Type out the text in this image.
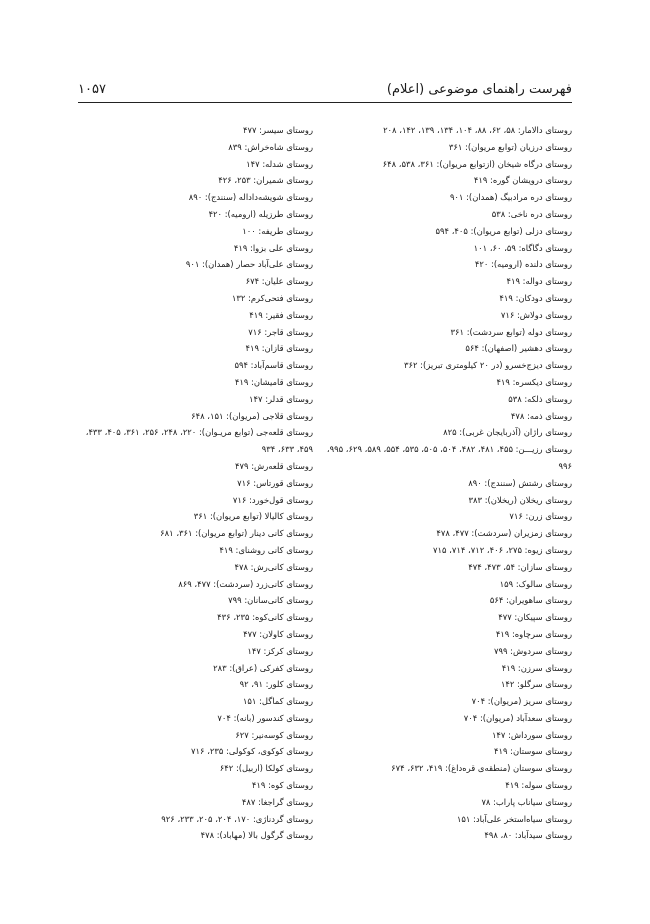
فهرست راهنمای موضوعی (اعلام)
۱۰۵۷
روستای دالامار: ۵۸، ۶۲، ۸۸، ۱۰۴، ۱۳۴، ۱۳۹، ۱۴۲، ۲۰۸
روستای درزیان (توابع مریوان): ۳۶۱
روستای درگاه شیخان (ازتوابع مریوان): ۳۶۱، ۵۳۸، ۶۴۸
روستای درویشان گوره: ۴۱۹
روستای دره مرادبیگ (همدان): ۹۰۱
روستای دره ناخی: ۵۳۸
روستای دزلی (توابع مریوان): ۴۰۵، ۵۹۴
روستای دگاگاه: ۵۹، ۶۰، ۱۰۱
روستای دلنده (ارومیه): ۴۲۰
روستای دواله: ۴۱۹
روستای دودکان: ۴۱۹
روستای دولاش: ۷۱۶
روستای دوله (توابع سردشت): ۳۶۱
روستای دهشیر (اصفهان): ۵۶۴
روستای دیزج‌خسرو (در ۲۰ کیلومتری تبریز): ۳۶۲
روستای دیکسره: ۴۱۹
روستای ذلکه: ۵۳۸
روستای ذمه: ۴۷۸
روستای راژان (آذربایجان غربی): ۸۲۵
روستای رزیـــن: ۴۵۵، ۴۸۱، ۴۸۲، ۵۰۴، ۵۰۵، ۵۳۵، ۵۵۴، ۵۸۹، ۶۲۹، ۹۹۵، ۹۹۶
روستای رشتش (سنندج): ۸۹۰
روستای ریخلان (ریخلان): ۳۸۳
روستای زرن: ۷۱۶
روستای زمزیران (سردشت): ۴۷۷، ۴۷۸
روستای زیوه: ۲۷۵، ۴۰۶، ۷۱۲، ۷۱۴، ۷۱۵
روستای سازان: ۵۴، ۴۷۳، ۴۷۴
روستای سالوک: ۱۵۹
روستای ساهویران: ۵۶۴
روستای سپیکان: ۴۷۷
روستای سرچاوه: ۴۱۹
روستای سردوش: ۷۹۹
روستای سرزن: ۴۱۹
روستای سرگلو: ۱۴۲
روستای سریز (مریوان): ۷۰۴
روستای سعدآباد (مریوان): ۷۰۴
روستای سورداش: ۱۴۷
روستای سوستان: ۴۱۹
روستای سوستان (منطقه‌ی قره‌داغ): ۴۱۹، ۶۳۲، ۶۷۴
روستای سوله: ۴۱۹
روستای سیاناب پاراب: ۷۸
روستای سیاه‌استخر علی‌آباد: ۱۵۱
روستای سیدآباد: ۸۰، ۴۹۸
روستای سیسر: ۴۷۷
روستای شاه‌خراش: ۸۳۹
روستای شدله: ۱۴۷
روستای شمیران: ۲۵۳، ۴۲۶
روستای شویشه‌داداله (سنندج): ۸۹۰
روستای طرزیله (ارومیه): ۴۲۰
روستای طریفه: ۱۰۰
روستای علی بزوا: ۴۱۹
روستای علی‌آباد حصار (همدان): ۹۰۱
روستای علیان: ۶۷۴
روستای فتحی‌کرم: ۱۳۲
روستای فقیر: ۴۱۹
روستای قاجر: ۷۱۶
روستای قازان: ۴۱۹
روستای قاسم‌آباد: ۵۹۴
روستای قامیشان: ۴۱۹
روستای قدلر: ۱۴۷
روستای قلاجی (مریوان): ۱۵۱، ۶۴۸
روستای قلعه‌جی (توابع مریـوان): ۲۲۰، ۲۴۸، ۲۵۶، ۳۶۱، ۴۰۵، ۴۳۳، ۴۵۹، ۶۳۳، ۹۳۴
روستای قلعه‌رش: ۴۷۹
روستای قورتاس: ۷۱۶
روستای قول‌خورد: ۷۱۶
روستای کالیالا (توابع مریوان): ۳۶۱
روستای کانی دینار (توابع مریوان): ۳۶۱، ۶۸۱
روستای کانی روشنای: ۴۱۹
روستای کانی‌رش: ۴۷۸
روستای کانی‌زرد (سردشت): ۴۷۷، ۸۶۹
روستای کانی‌سانان: ۷۹۹
روستای کانی‌کوه: ۲۳۵، ۴۳۶
روستای کاولان: ۴۷۷
روستای کرکز: ۱۴۷
روستای کفرکی (عراق): ۲۸۳
روستای کلور: ۹۱، ۹۲
روستای کماگل: ۱۵۱
روستای کندسور (بانه): ۷۰۴
روستای کوسه‌نیر: ۶۲۷
روستای کوکوی، کوکولی: ۲۳۵، ۷۱۶
روستای کولکا (اربیل): ۶۴۲
روستای کوه: ۴۱۹
روستای گراجغا: ۴۸۷
روستای گردناژی: ۱۷۰، ۲۰۴، ۲۰۵، ۲۳۳، ۹۲۶
روستای گرگول بالا (مهاباد): ۴۷۸
